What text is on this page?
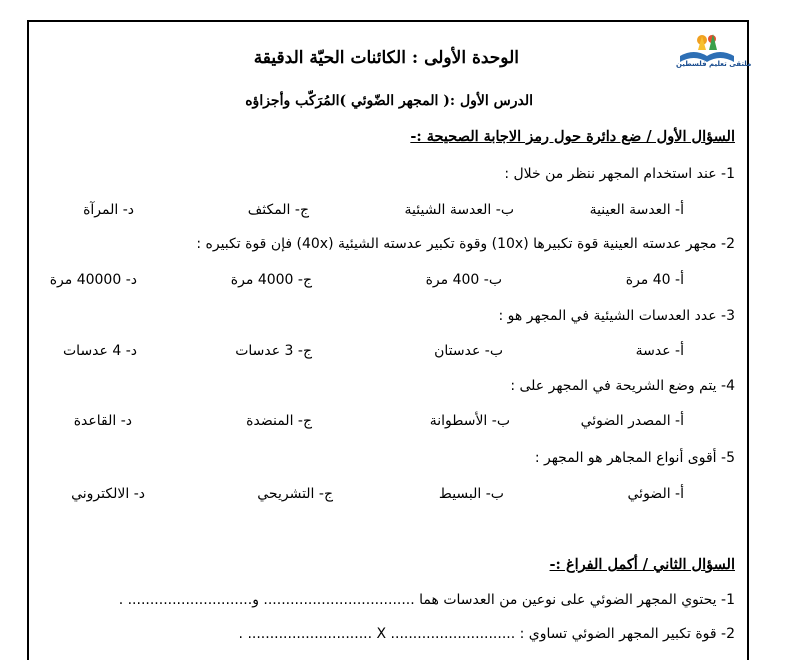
ملتقى تعليم فلسطين
الوحدة الأولى : الكائنات الحيّة الدقيقة
الدرس الأول :( المجهر الضّوئي )المُرَكّب وأجزاؤه
السؤال الأول / ضع دائرة حول رمز الاجابة الصحيحة :-
1- عند استخدام المجهر ننظر من خلال :
أ- العدسة العينية
ب- العدسة الشيئية
ج- المكثف
د- المرآة
2- مجهر عدسته العينية قوة تكبيرها (10x) وقوة تكبير عدسته الشيئية (40x) فإن قوة تكبيره :
أ- 40 مرة
ب- 400 مرة
ج- 4000 مرة
د- 40000 مرة
3- عدد العدسات الشيئية في المجهر هو :
أ- عدسة
ب- عدستان
ج- 3 عدسات
د- 4 عدسات
4- يتم وضع الشريحة في المجهر على :
أ- المصدر الضوئي
ب- الأسطوانة
ج- المنضدة
د- القاعدة
5- أقوى أنواع المجاهر هو المجهر :
أ- الضوئي
ب- البسيط
ج- التشريحي
د- الالكتروني
السؤال الثاني / أكمل الفراغ :-
1- يحتوي المجهر الضوئي على نوعين من العدسات هما .................................. و............................ .
2- قوة تكبير المجهر الضوئي تساوي : ............................ X ............................ .
